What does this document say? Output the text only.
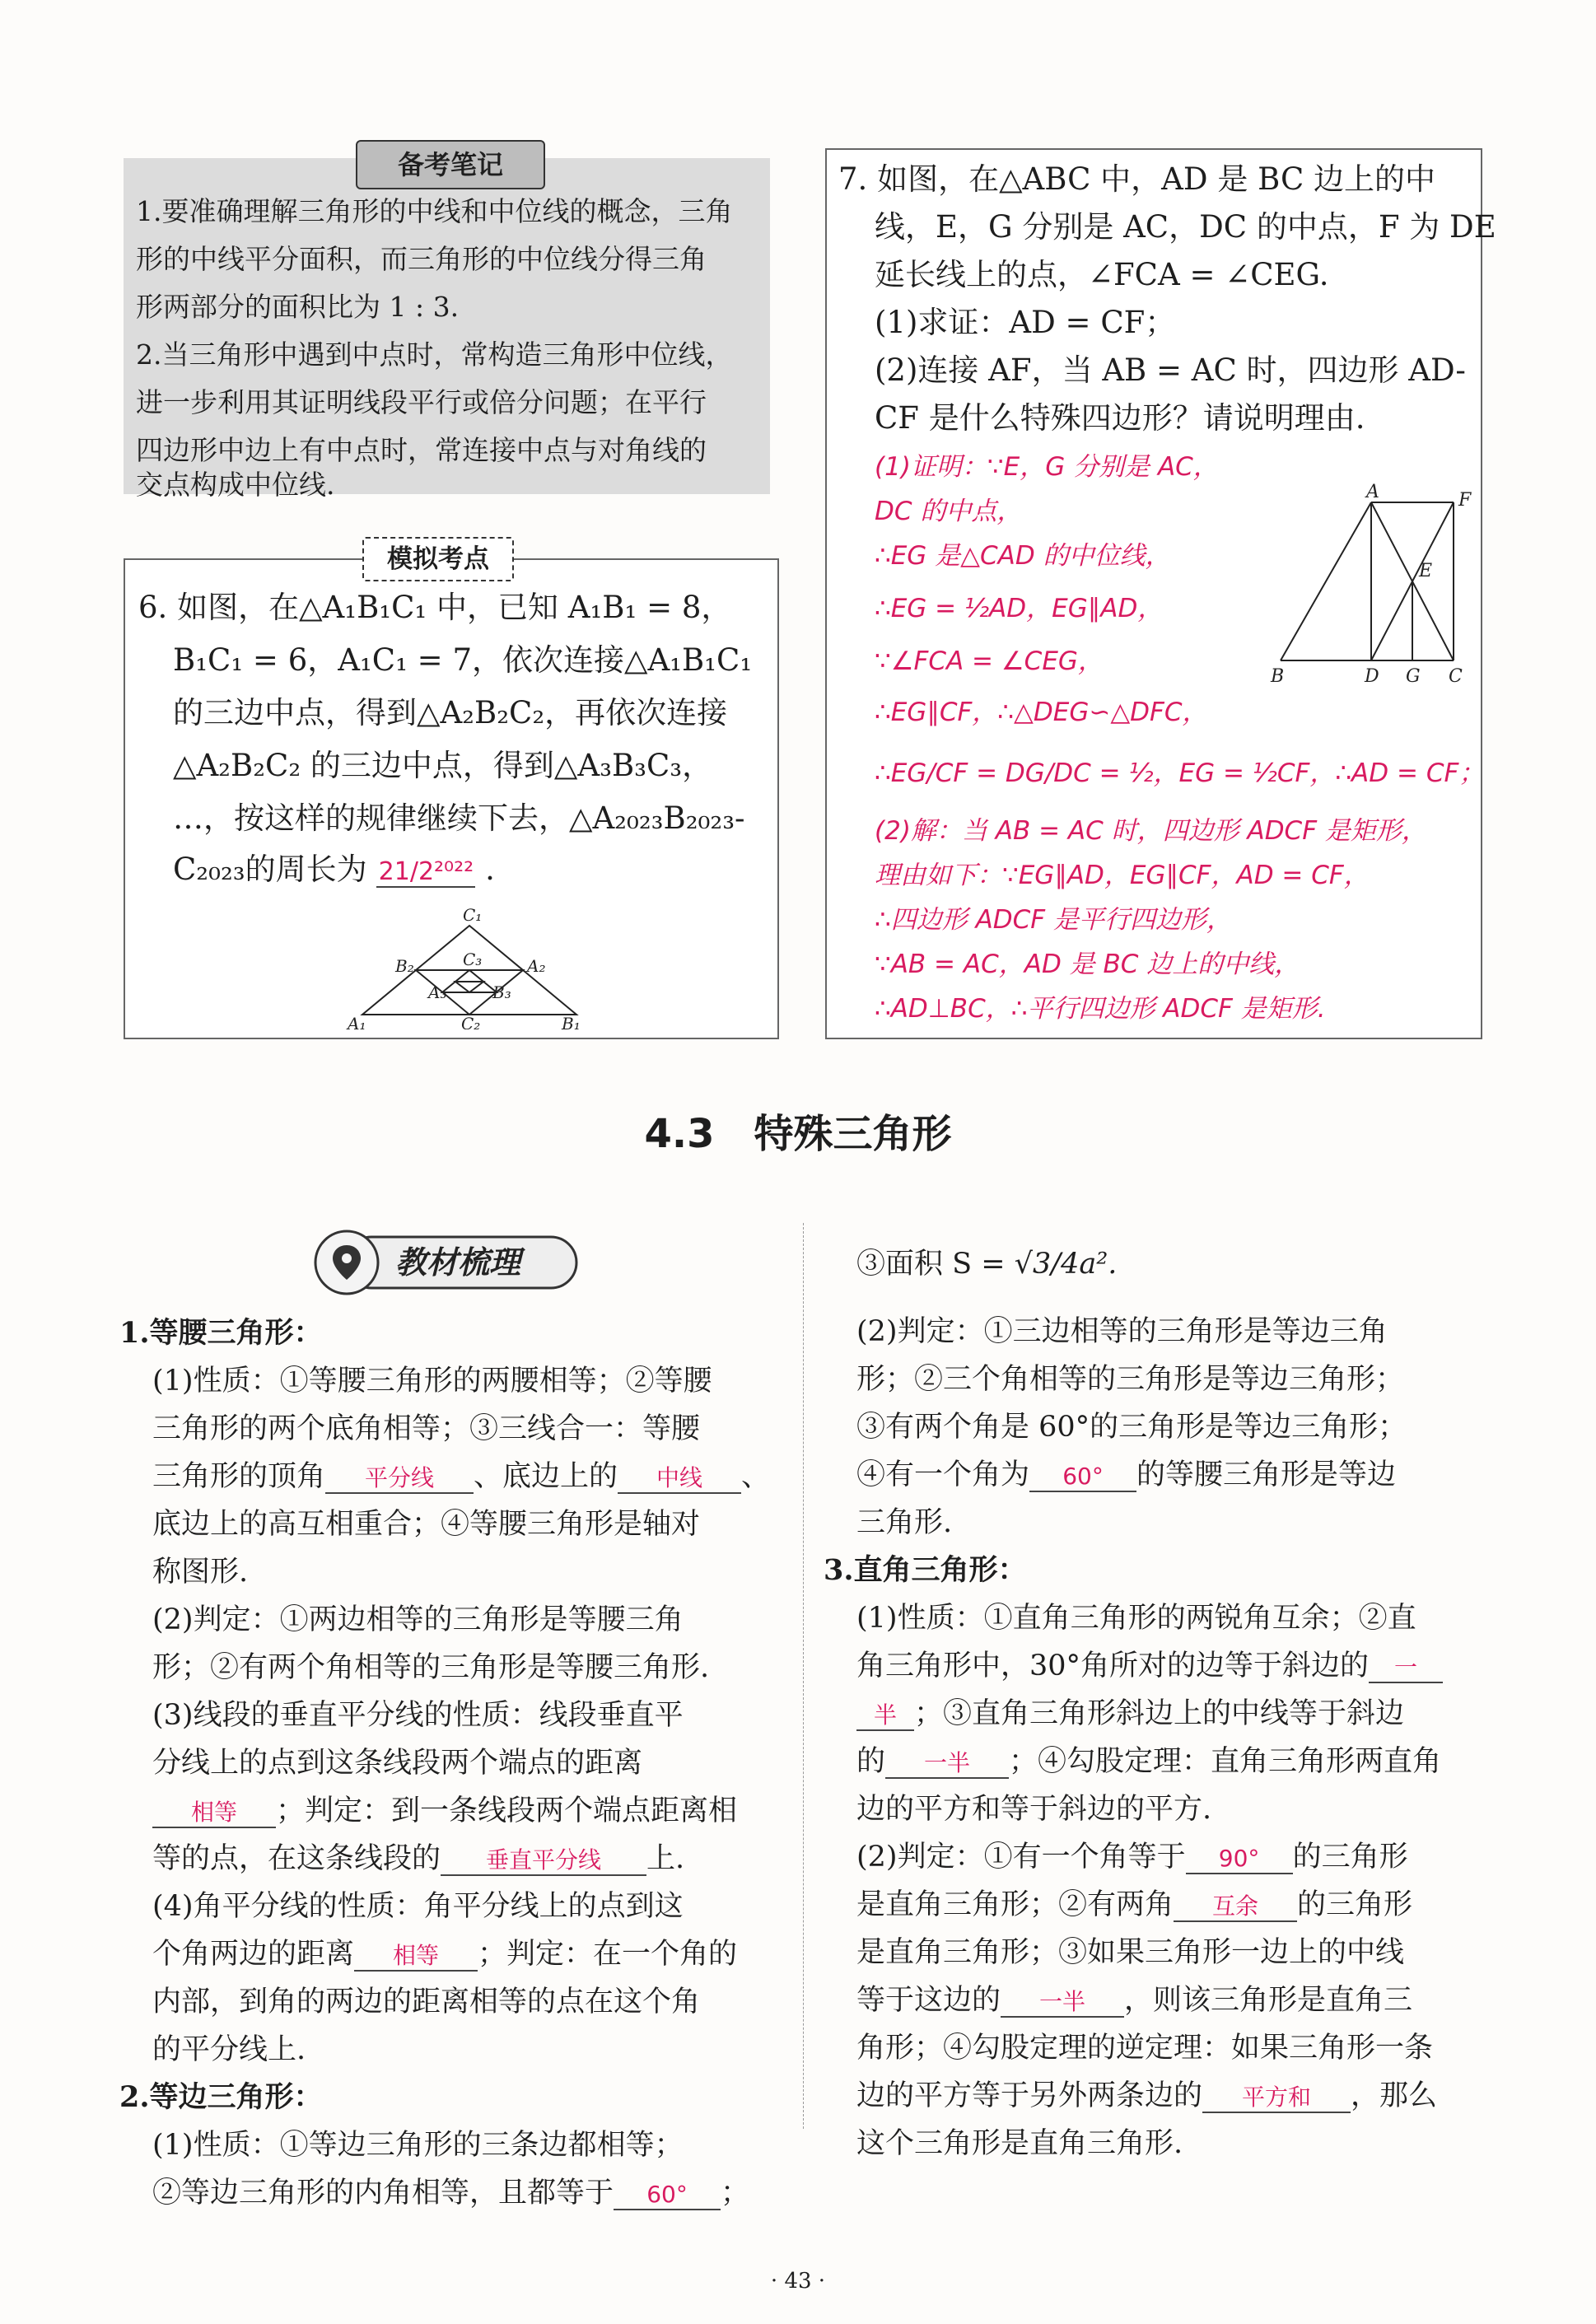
备考笔记
1.要准确理解三角形的中线和中位线的概念，三角
形的中线平分面积，而三角形的中位线分得三角
形两部分的面积比为 1 : 3.
2.当三角形中遇到中点时，常构造三角形中位线，
进一步利用其证明线段平行或倍分问题；在平行
四边形中边上有中点时，常连接中点与对角线的
交点构成中位线.
模拟考点
6. 如图，在△A₁B₁C₁ 中，已知 A₁B₁ = 8，
B₁C₁ = 6，A₁C₁ = 7，依次连接△A₁B₁C₁
的三边中点，得到△A₂B₂C₂，再依次连接
△A₂B₂C₂ 的三边中点，得到△A₃B₃C₃，
…，按这样的规律继续下去，△A₂₀₂₃B₂₀₂₃-
C₂₀₂₃的周长为 21/2²⁰²² .
C₁
B₂	C₃	A₂
A₃	B₃
A₁	C₂	B₁
7. 如图，在△ABC 中，AD 是 BC 边上的中
线，E，G 分别是 AC，DC 的中点，F 为 DE
延长线上的点，∠FCA = ∠CEG.
(1)求证：AD = CF；
(2)连接 AF，当 AB = AC 时，四边形 AD-
CF 是什么特殊四边形？请说明理由.
(1)证明：∵E，G 分别是 AC，
DC 的中点，
∴EG 是△CAD 的中位线，
∴EG = ½AD，EG∥AD，
∵∠FCA = ∠CEG，
∴EG∥CF，∴△DEG∽△DFC，
∴EG/CF = DG/DC = ½，EG = ½CF，∴AD = CF；
(2)解：当 AB = AC 时，四边形 ADCF 是矩形，
理由如下：∵EG∥AD，EG∥CF，AD = CF，
∴四边形 ADCF 是平行四边形，
∵AB = AC，AD 是 BC 边上的中线，
∴AD⊥BC，∴平行四边形 ADCF 是矩形.
A	F
E
B	D G C
4.3　特殊三角形
教材梳理
1.等腰三角形：
(1)性质：①等腰三角形的两腰相等；②等腰
三角形的两个底角相等；③三线合一：等腰
三角形的顶角 平分线 、底边上的 中线 、
底边上的高互相重合；④等腰三角形是轴对
称图形.
(2)判定：①两边相等的三角形是等腰三角
形；②有两个角相等的三角形是等腰三角形.
(3)线段的垂直平分线的性质：线段垂直平
分线上的点到这条线段两个端点的距离
相等 ；判定：到一条线段两个端点距离相
等的点，在这条线段的 垂直平分线 上.
(4)角平分线的性质：角平分线上的点到这
个角两边的距离 相等 ；判定：在一个角的
内部，到角的两边的距离相等的点在这个角
的平分线上.
2.等边三角形：
(1)性质：①等边三角形的三条边都相等；
②等边三角形的内角相等，且都等于 60° ；
③面积 S = √3/4a².
(2)判定：①三边相等的三角形是等边三角
形；②三个角相等的三角形是等边三角形；
③有两个角是 60°的三角形是等边三角形；
④有一个角为 60° 的等腰三角形是等边
三角形.
3.直角三角形：
(1)性质：①直角三角形的两锐角互余；②直
角三角形中，30°角所对的边等于斜边的 一
半 ；③直角三角形斜边上的中线等于斜边
的 一半 ；④勾股定理：直角三角形两直角
边的平方和等于斜边的平方.
(2)判定：①有一个角等于 90° 的三角形
是直角三角形；②有两角 互余 的三角形
是直角三角形；③如果三角形一边上的中线
等于这边的 一半 ，则该三角形是直角三
角形；④勾股定理的逆定理：如果三角形一条
边的平方等于另外两条边的 平方和 ，那么
这个三角形是直角三角形.
· 43 ·
